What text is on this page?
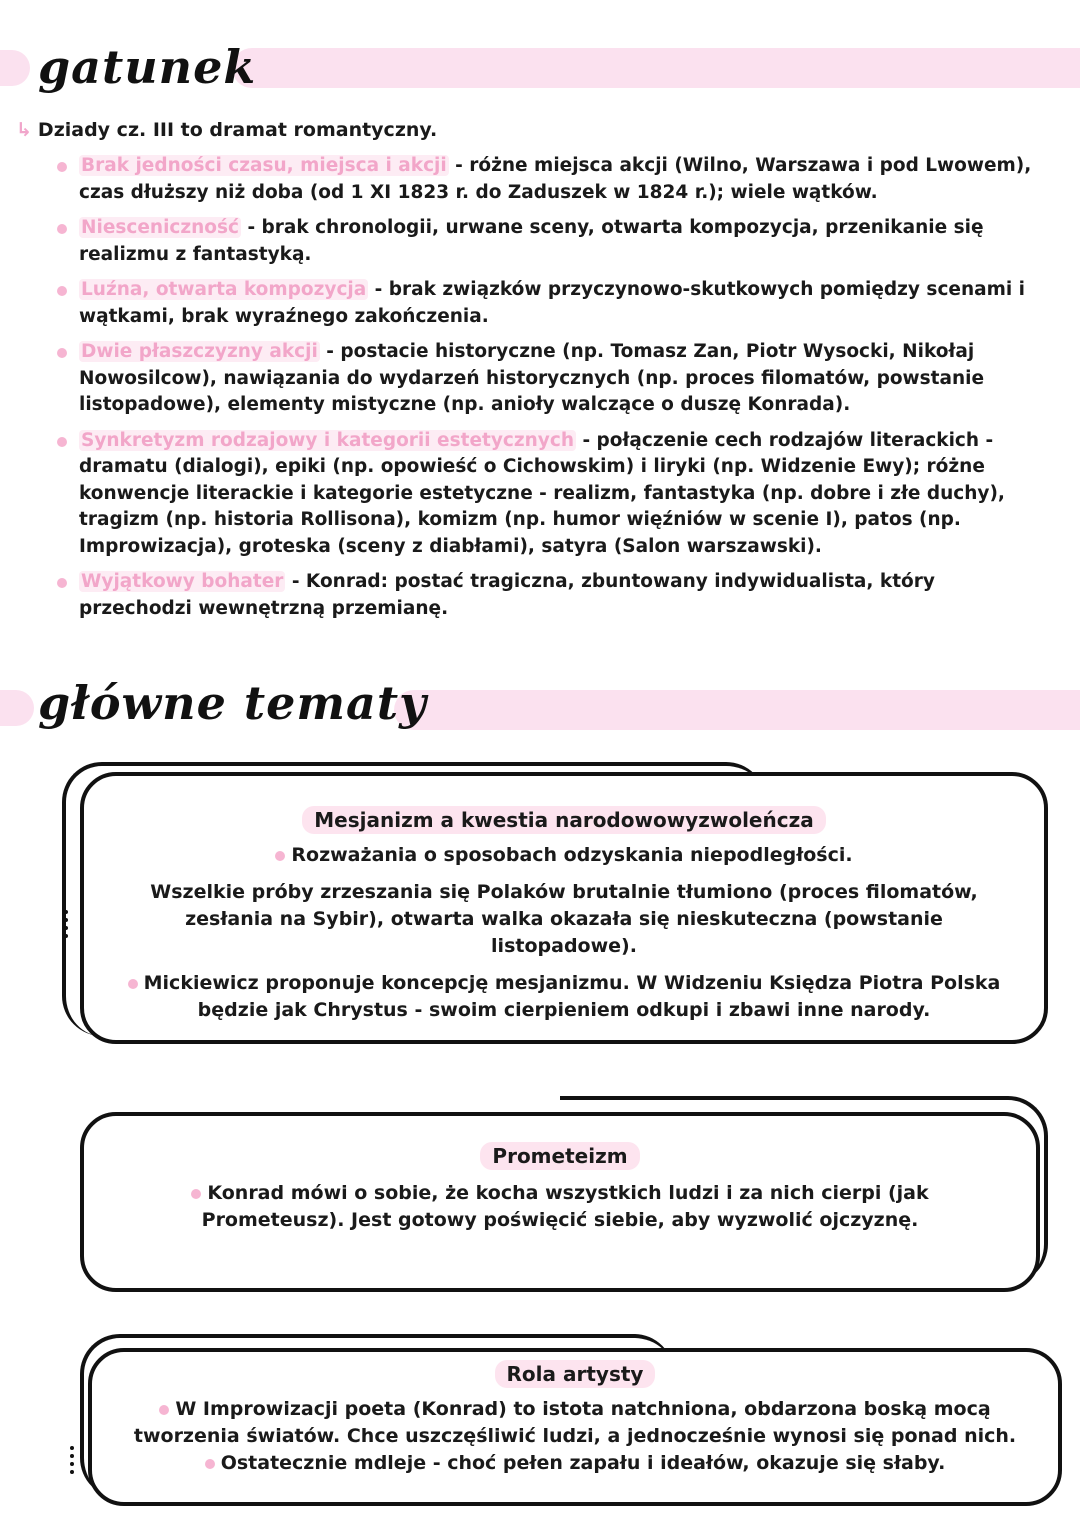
gatunek
↳ Dziady cz. III to dramat romantyczny.
Brak jedności czasu, miejsca i akcji - różne miejsca akcji (Wilno, Warszawa i pod Lwowem), czas dłuższy niż doba (od 1 XI 1823 r. do Zaduszek w 1824 r.); wiele wątków.
Niesceniczność - brak chronologii, urwane sceny, otwarta kompozycja, przenikanie się realizmu z fantastyką.
Luźna, otwarta kompozycja - brak związków przyczynowo-skutkowych pomiędzy scenami i wątkami, brak wyraźnego zakończenia.
Dwie płaszczyzny akcji - postacie historyczne (np. Tomasz Zan, Piotr Wysocki, Nikołaj Nowosilcow), nawiązania do wydarzeń historycznych (np. proces filomatów, powstanie listopadowe), elementy mistyczne (np. anioły walczące o duszę Konrada).
Synkretyzm rodzajowy i kategorii estetycznych - połączenie cech rodzajów literackich - dramatu (dialogi), epiki (np. opowieść o Cichowskim) i liryki (np. Widzenie Ewy); różne konwencje literackie i kategorie estetyczne - realizm, fantastyka (np. dobre i złe duchy), tragizm (np. historia Rollisona), komizm (np. humor więźniów w scenie I), patos (np. Improwizacja), groteska (sceny z diabłami), satyra (Salon warszawski).
Wyjątkowy bohater - Konrad: postać tragiczna, zbuntowany indywidualista, który przechodzi wewnętrzną przemianę.
główne tematy
Mesjanizm a kwestia narodowowyzwoleńcza

Rozważania o sposobach odzyskania niepodległości.

Wszelkie próby zrzeszania się Polaków brutalnie tłumiono (proces filomatów, zesłania na Sybir), otwarta walka okazała się nieskuteczna (powstanie listopadowe).

Mickiewicz proponuje koncepcję mesjanizmu. W Widzeniu Księdza Piotra Polska będzie jak Chrystus - swoim cierpieniem odkupi i zbawi inne narody.

Prometeizm

Konrad mówi o sobie, że kocha wszystkich ludzi i za nich cierpi (jak Prometeusz). Jest gotowy poświęcić siebie, aby wyzwolić ojczyznę.

Rola artysty

W Improwizacji poeta (Konrad) to istota natchniona, obdarzona boską mocą tworzenia światów. Chce uszczęśliwić ludzi, a jednocześnie wynosi się ponad nich.

Ostatecznie mdleje - choć pełen zapału i ideałów, okazuje się słaby.
